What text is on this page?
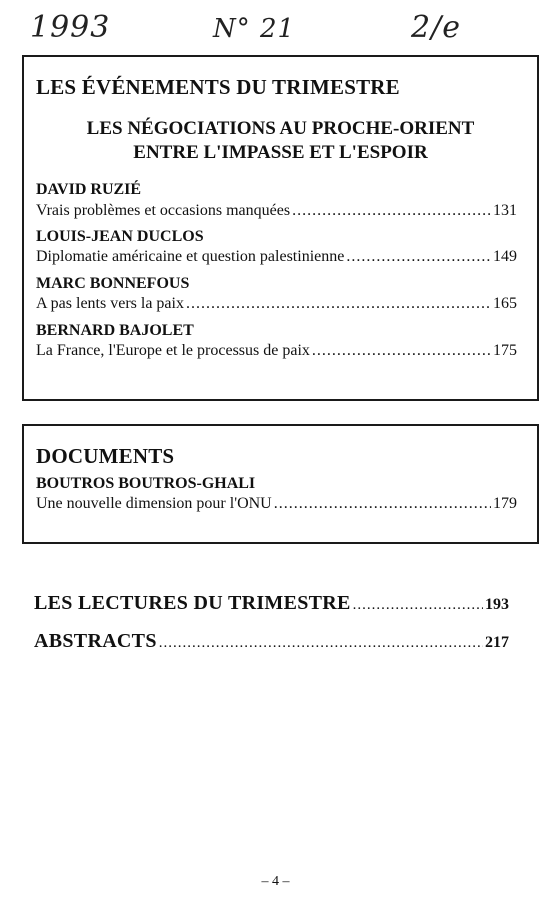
1993	N° 21	2/e
LES ÉVÉNEMENTS DU TRIMESTRE
LES NÉGOCIATIONS AU PROCHE-ORIENT
ENTRE L'IMPASSE ET L'ESPOIR
DAVID RUZIÉ
Vrais problèmes et occasions manquées .....	131
LOUIS-JEAN DUCLOS
Diplomatie américaine et question palestinienne .....	149
MARC BONNEFOUS
A pas lents vers la paix .....	165
BERNARD BAJOLET
La France, l'Europe et le processus de paix .....	175
DOCUMENTS
BOUTROS BOUTROS-GHALI
Une nouvelle dimension pour l'ONU .....	179
LES LECTURES DU TRIMESTRE .....	193
ABSTRACTS .....	217
– 4 –
